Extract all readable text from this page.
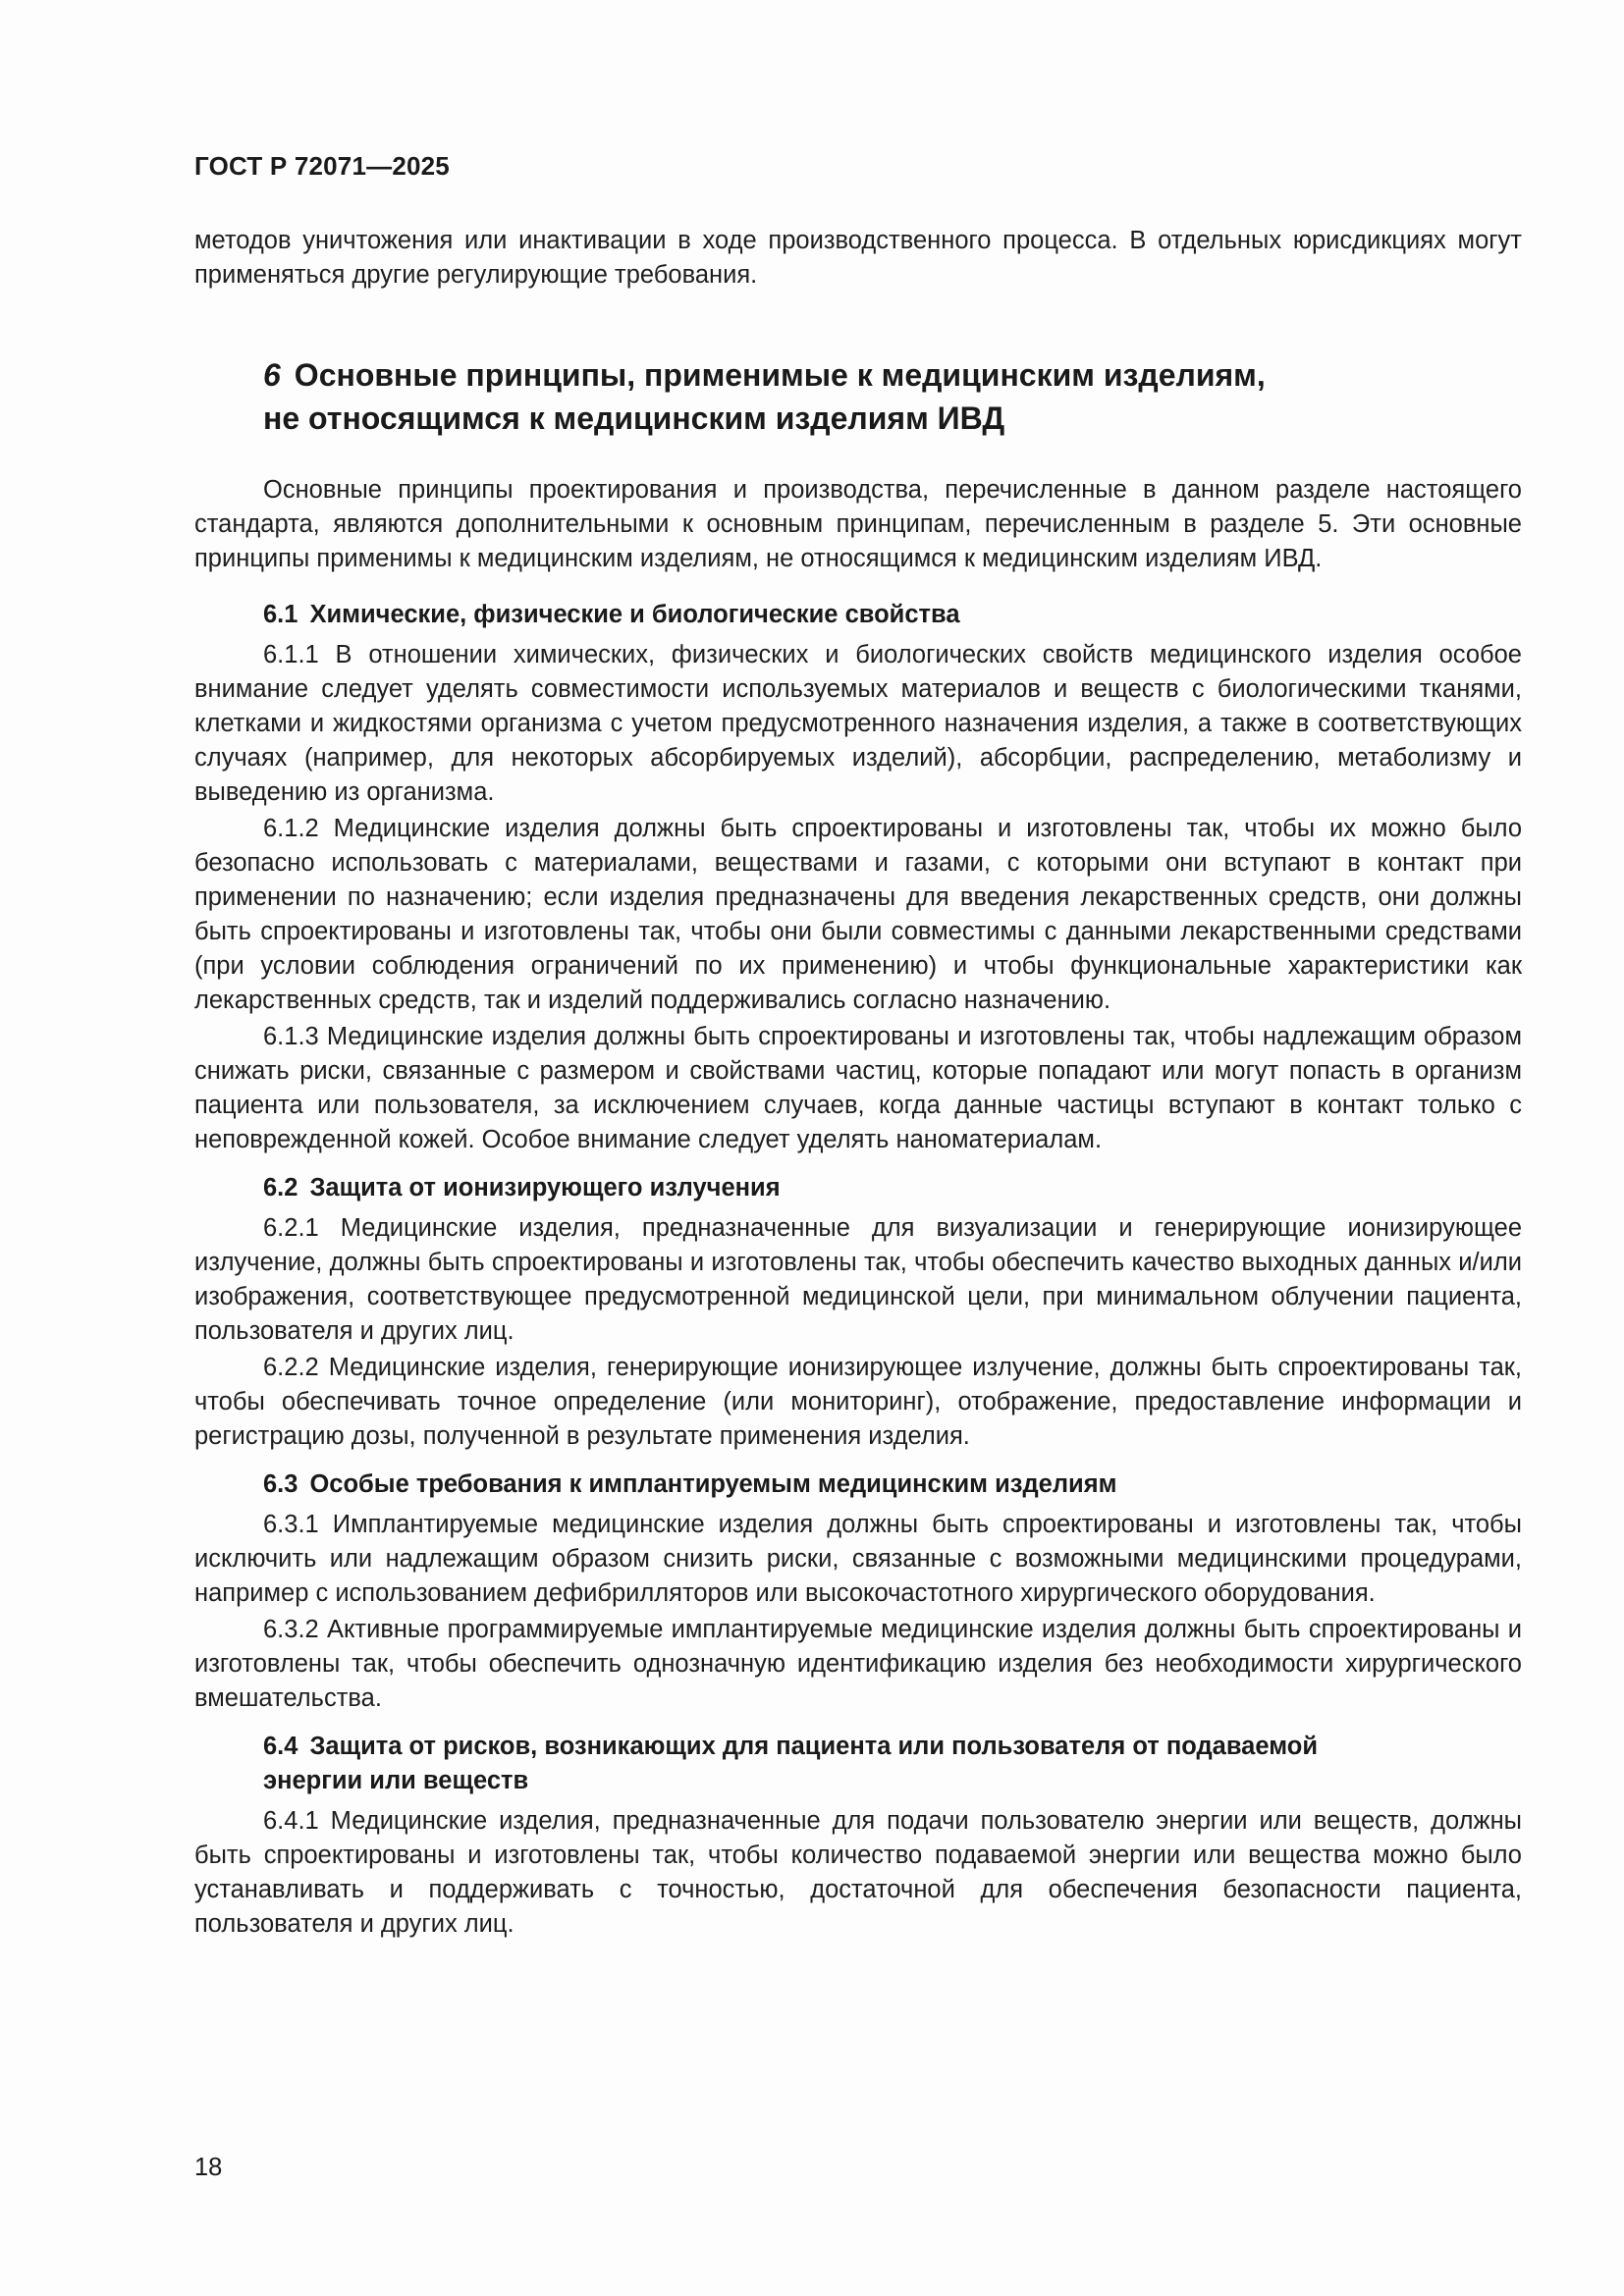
ГОСТ Р 72071—2025

методов уничтожения или инактивации в ходе производственного процесса. В отдельных юрисдикциях могут применяться другие регулирующие требования.

6 Основные принципы, применимые к медицинским изделиям,
не относящимся к медицинским изделиям ИВД

Основные принципы проектирования и производства, перечисленные в данном разделе настоящего стандарта, являются дополнительными к основным принципам, перечисленным в разделе 5. Эти основные принципы применимы к медицинским изделиям, не относящимся к медицинским изделиям ИВД.

6.1 Химические, физические и биологические свойства

6.1.1 В отношении химических, физических и биологических свойств медицинского изделия особое внимание следует уделять совместимости используемых материалов и веществ с биологическими тканями, клетками и жидкостями организма с учетом предусмотренного назначения изделия, а также в соответствующих случаях (например, для некоторых абсорбируемых изделий), абсорбции, распределению, метаболизму и выведению из организма.

6.1.2 Медицинские изделия должны быть спроектированы и изготовлены так, чтобы их можно было безопасно использовать с материалами, веществами и газами, с которыми они вступают в контакт при применении по назначению; если изделия предназначены для введения лекарственных средств, они должны быть спроектированы и изготовлены так, чтобы они были совместимы с данными лекарственными средствами (при условии соблюдения ограничений по их применению) и чтобы функциональные характеристики как лекарственных средств, так и изделий поддерживались согласно назначению.

6.1.3 Медицинские изделия должны быть спроектированы и изготовлены так, чтобы надлежащим образом снижать риски, связанные с размером и свойствами частиц, которые попадают или могут попасть в организм пациента или пользователя, за исключением случаев, когда данные частицы вступают в контакт только с неповрежденной кожей. Особое внимание следует уделять наноматериалам.

6.2 Защита от ионизирующего излучения

6.2.1 Медицинские изделия, предназначенные для визуализации и генерирующие ионизирующее излучение, должны быть спроектированы и изготовлены так, чтобы обеспечить качество выходных данных и/или изображения, соответствующее предусмотренной медицинской цели, при минимальном облучении пациента, пользователя и других лиц.

6.2.2 Медицинские изделия, генерирующие ионизирующее излучение, должны быть спроектированы так, чтобы обеспечивать точное определение (или мониторинг), отображение, предоставление информации и регистрацию дозы, полученной в результате применения изделия.

6.3 Особые требования к имплантируемым медицинским изделиям

6.3.1 Имплантируемые медицинские изделия должны быть спроектированы и изготовлены так, чтобы исключить или надлежащим образом снизить риски, связанные с возможными медицинскими процедурами, например с использованием дефибрилляторов или высокочастотного хирургического оборудования.

6.3.2 Активные программируемые имплантируемые медицинские изделия должны быть спроектированы и изготовлены так, чтобы обеспечить однозначную идентификацию изделия без необходимости хирургического вмешательства.

6.4 Защита от рисков, возникающих для пациента или пользователя от подаваемой
энергии или веществ

6.4.1 Медицинские изделия, предназначенные для подачи пользователю энергии или веществ, должны быть спроектированы и изготовлены так, чтобы количество подаваемой энергии или вещества можно было устанавливать и поддерживать с точностью, достаточной для обеспечения безопасности пациента, пользователя и других лиц.

18
